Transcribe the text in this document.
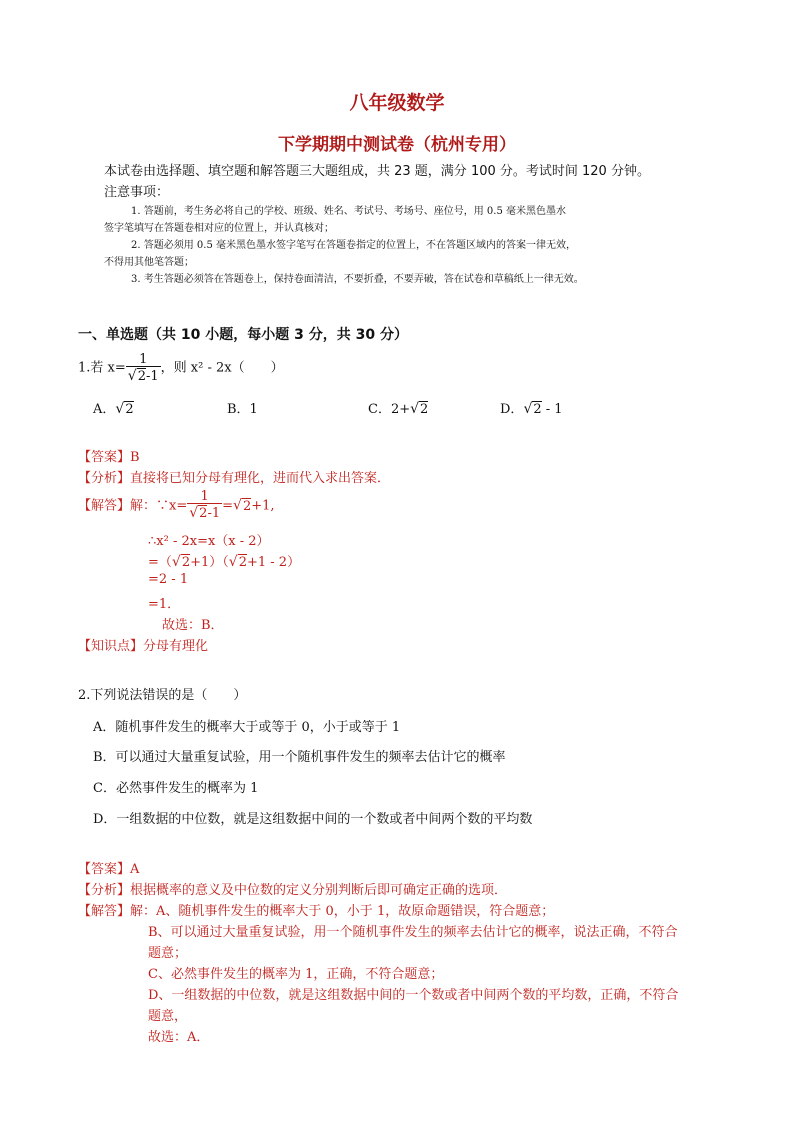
八年级数学
下学期期中测试卷（杭州专用）
本试卷由选择题、填空题和解答题三大题组成，共 23 题，满分 100 分。考试时间 120 分钟。
注意事项：
1. 答题前，考生务必将自己的学校、班级、姓名、考试号、考场号、座位号，用 0.5 毫米黑色墨水
签字笔填写在答题卷相对应的位置上，并认真核对；
2. 答题必须用 0.5 毫米黑色墨水签字笔写在答题卷指定的位置上，不在答题区域内的答案一律无效，
不得用其他笔答题；
3. 考生答题必须答在答题卷上，保持卷面清洁，不要折叠，不要弄破，答在试卷和草稿纸上一律无效。
一、单选题（共 10 小题，每小题 3 分，共 30 分）
1.若 $x= \frac{1}{√2-1}$ ，则 x² - 2x（　　）
A．√2	B．1	C．2+√2	D．√2 - 1
【答案】B
【分析】直接将已知分母有理化，进而代入求出答案．
【解答】解：∵x= $\frac{1}{√2-1} =√2+1$,
∴x² - 2x=x（x - 2）
=（√2+1）（√2+1 - 2）
=2 - 1
=1．
故选：B．
【知识点】分母有理化
2.下列说法错误的是（　　）
A．随机事件发生的概率大于或等于 0，小于或等于 1
B．可以通过大量重复试验，用一个随机事件发生的频率去估计它的概率
C．必然事件发生的概率为 1
D．一组数据的中位数，就是这组数据中间的一个数或者中间两个数的平均数
【答案】A
【分析】根据概率的意义及中位数的定义分别判断后即可确定正确的选项．
【解答】解：A、随机事件发生的概率大于 0，小于 1，故原命题错误，符合题意；
B、可以通过大量重复试验，用一个随机事件发生的频率去估计它的概率，说法正确，不符合
题意；
C、必然事件发生的概率为 1，正确，不符合题意；
D、一组数据的中位数，就是这组数据中间的一个数或者中间两个数的平均数，正确，不符合
题意，
故选：A．
